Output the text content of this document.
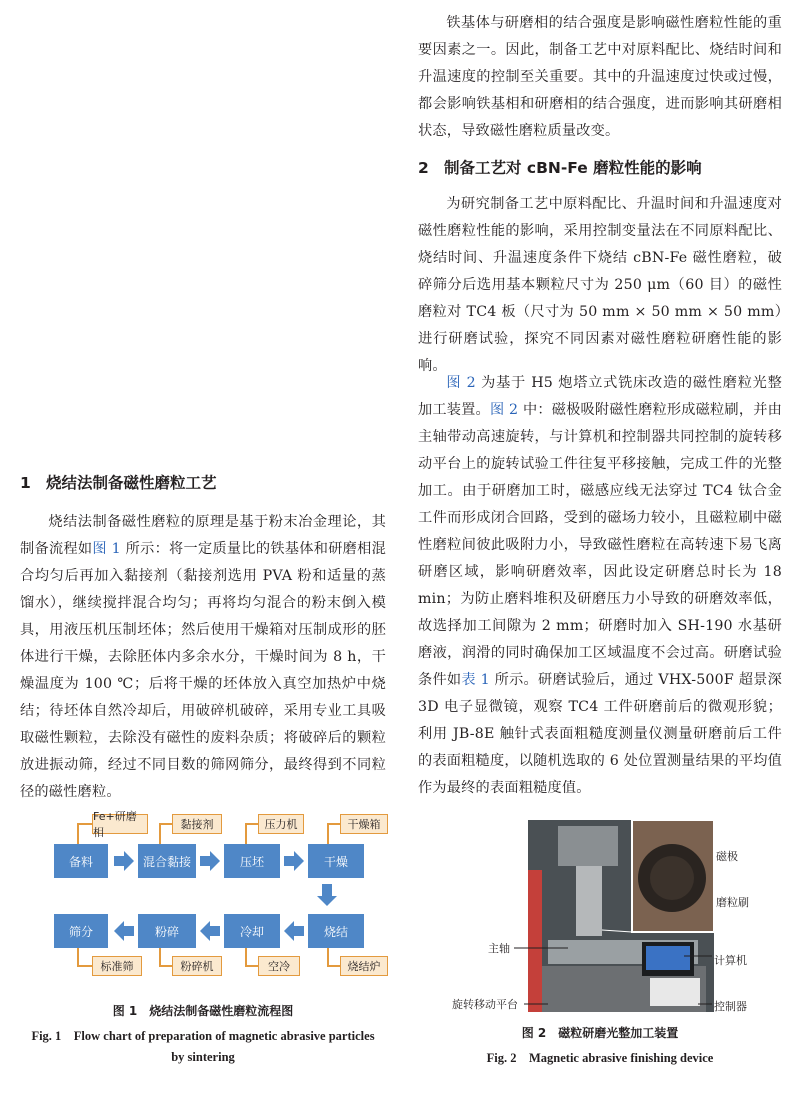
1 烧结法制备磁性磨粒工艺
烧结法制备磁性磨粒的原理是基于粉末冶金理论，其制备流程如图 1 所示：将一定质量比的铁基体和研磨相混合均匀后再加入黏接剂（黏接剂选用 PVA 粉和适量的蒸馏水），继续搅拌混合均匀；再将均匀混合的粉末倒入模具，用液压机压制坯体；然后使用干燥箱对压制成形的胚体进行干燥，去除胚体内多余水分，干燥时间为 8 h，干燥温度为 100 ℃；后将干燥的坯体放入真空加热炉中烧结；待坯体自然冷却后，用破碎机破碎，采用专业工具吸取磁性颗粒，去除没有磁性的废料杂质；将破碎后的颗粒放进振动筛，经过不同目数的筛网筛分，最终得到不同粒径的磁性磨粒。
Fe+研磨相
黏接剂	压力机	干燥箱
备料	混合黏接	压坯	干燥
筛分	粉碎	冷却	烧结
标准筛	粉碎机	空冷	烧结炉
图 1　烧结法制备磁性磨粒流程图
Fig. 1　Flow chart of preparation of magnetic abrasive particles
by sintering
铁基体与研磨相的结合强度是影响磁性磨粒性能的重要因素之一。因此，制备工艺中对原料配比、烧结时间和升温速度的控制至关重要。其中的升温速度过快或过慢，都会影响铁基相和研磨相的结合强度，进而影响其研磨相状态，导致磁性磨粒质量改变。
2 制备工艺对 cBN-Fe 磨粒性能的影响
为研究制备工艺中原料配比、升温时间和升温速度对磁性磨粒性能的影响，采用控制变量法在不同原料配比、烧结时间、升温速度条件下烧结 cBN-Fe 磁性磨粒，破碎筛分后选用基本颗粒尺寸为 250 μm（60 目）的磁性磨粒对 TC4 板（尺寸为 50 mm × 50 mm × 50 mm）进行研磨试验，探究不同因素对磁性磨粒研磨性能的影响。
图 2 为基于 H5 炮塔立式铣床改造的磁性磨粒光整加工装置。图 2 中：磁极吸附磁性磨粒形成磁粒刷，并由主轴带动高速旋转，与计算机和控制器共同控制的旋转移动平台上的旋转试验工件往复平移接触，完成工件的光整加工。由于研磨加工时，磁感应线无法穿过 TC4 钛合金工件而形成闭合回路，受到的磁场力较小，且磁粒刷中磁性磨粒间彼此吸附力小，导致磁性磨粒在高转速下易飞离研磨区域，影响研磨效率，因此设定研磨总时长为 18 min；为防止磨料堆积及研磨压力小导致的研磨效率低，故选择加工间隙为 2 mm；研磨时加入 SH-190 水基研磨液，润滑的同时确保加工区域温度不会过高。研磨试验条件如表 1 所示。研磨试验后，通过 VHX-500F 超景深 3D 电子显微镜，观察 TC4 工件研磨前后的微观形貌；利用 JB-8E 触针式表面粗糙度测量仪测量研磨前后工件的表面粗糙度，以随机选取的 6 处位置测量结果的平均值作为最终的表面粗糙度值。
磁极
磨粒刷
主轴
计算机
旋转移动平台	控制器
图 2　磁粒研磨光整加工装置
Fig. 2　Magnetic abrasive finishing device
